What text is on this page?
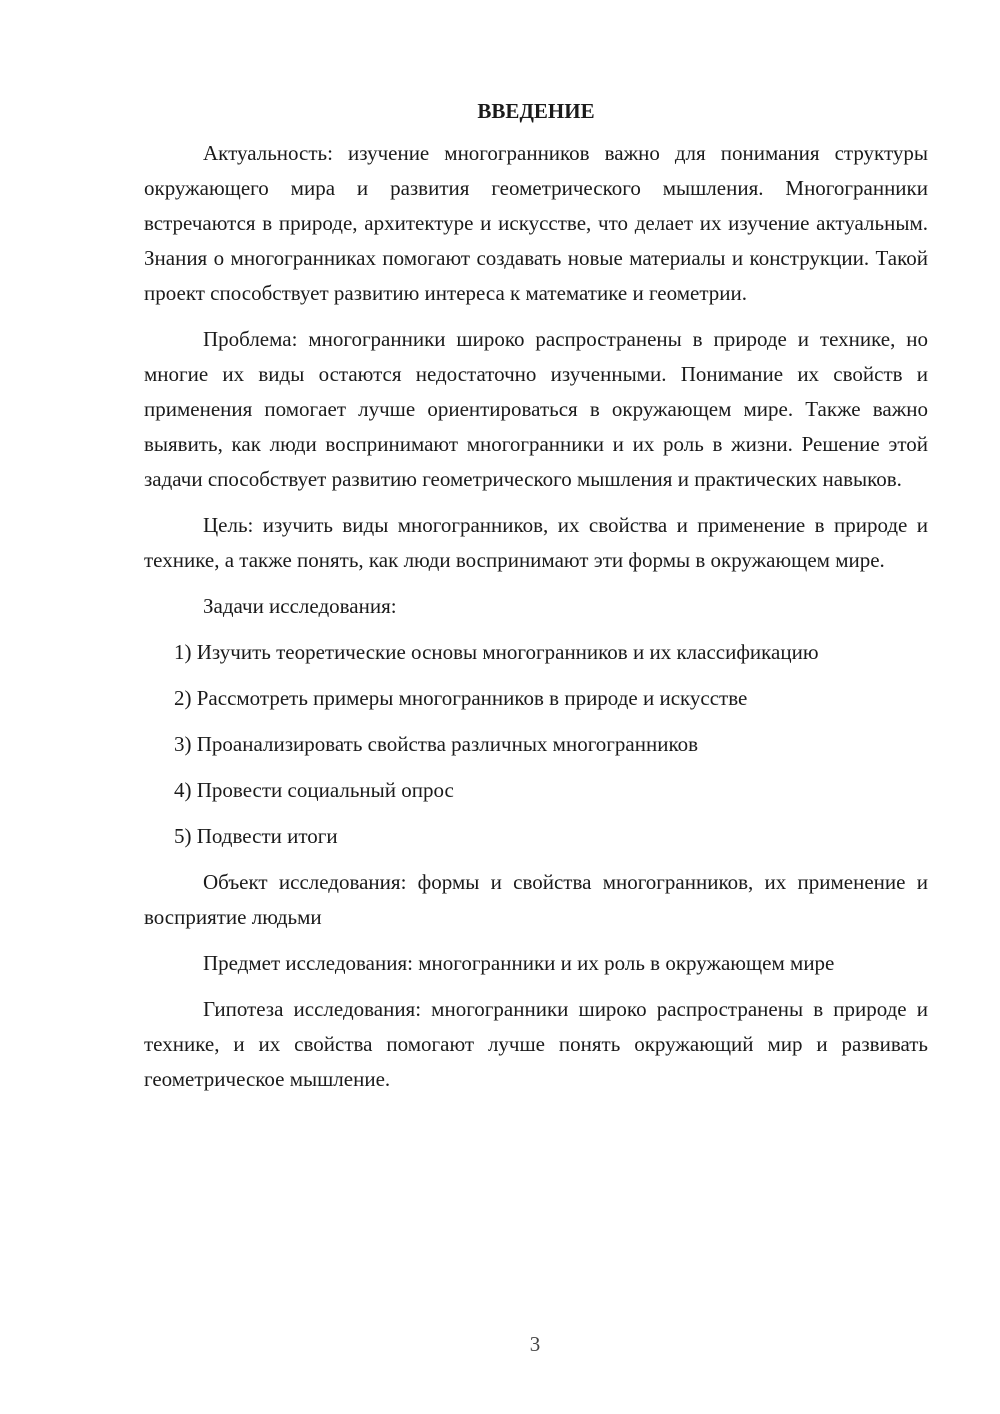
ВВЕДЕНИЕ

Актуальность: изучение многогранников важно для понимания структуры окружающего мира и развития геометрического мышления. Многогранники встречаются в природе, архитектуре и искусстве, что делает их изучение актуальным. Знания о многогранниках помогают создавать новые материалы и конструкции. Такой проект способствует развитию интереса к математике и геометрии.

Проблема: многогранники широко распространены в природе и технике, но многие их виды остаются недостаточно изученными. Понимание их свойств и применения помогает лучше ориентироваться в окружающем мире. Также важно выявить, как люди воспринимают многогранники и их роль в жизни. Решение этой задачи способствует развитию геометрического мышления и практических навыков.

Цель: изучить виды многогранников, их свойства и применение в природе и технике, а также понять, как люди воспринимают эти формы в окружающем мире.

Задачи исследования:

1) Изучить теоретические основы многогранников и их классификацию

2) Рассмотреть примеры многогранников в природе и искусстве

3) Проанализировать свойства различных многогранников

4) Провести социальный опрос

5) Подвести итоги

Объект исследования: формы и свойства многогранников, их применение и восприятие людьми

Предмет исследования: многогранники и их роль в окружающем мире

Гипотеза исследования: многогранники широко распространены в природе и технике, и их свойства помогают лучше понять окружающий мир и развивать геометрическое мышление.

3
